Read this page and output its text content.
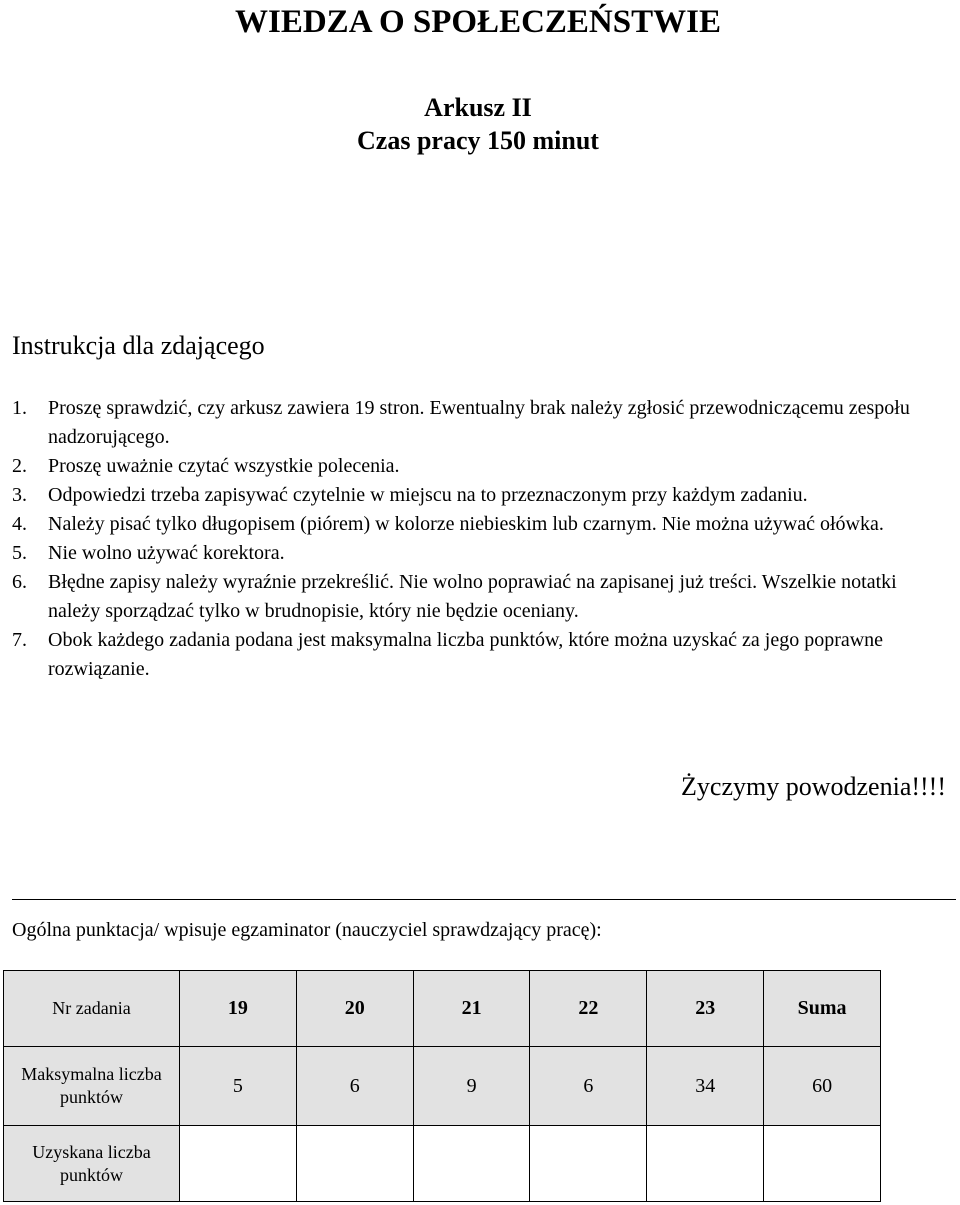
WIEDZA O SPOŁECZEŃSTWIE
Arkusz II
Czas pracy 150 minut
Instrukcja dla zdającego
1.	Proszę sprawdzić, czy arkusz zawiera 19 stron. Ewentualny brak należy zgłosić przewodniczącemu zespołu nadzorującego.
2.	Proszę uważnie czytać wszystkie polecenia.
3.	Odpowiedzi trzeba zapisywać czytelnie w miejscu na to przeznaczonym przy każdym zadaniu.
4.	Należy pisać tylko długopisem (piórem) w kolorze niebieskim lub czarnym. Nie można używać ołówka.
5.	Nie wolno używać korektora.
6.	Błędne zapisy należy wyraźnie przekreślić. Nie wolno poprawiać na zapisanej już treści. Wszelkie notatki należy sporządzać tylko w brudnopisie, który nie będzie oceniany.
7.	Obok każdego zadania podana jest maksymalna liczba punktów, które można uzyskać za jego poprawne rozwiązanie.
Życzymy powodzenia!!!!
Ogólna punktacja/ wpisuje egzaminator (nauczyciel sprawdzający pracę):
Nr zadania	19	20	21	22	23	Suma
Maksymalna liczba punktów	5	6	9	6	34	60
Uzyskana liczba punktów						
